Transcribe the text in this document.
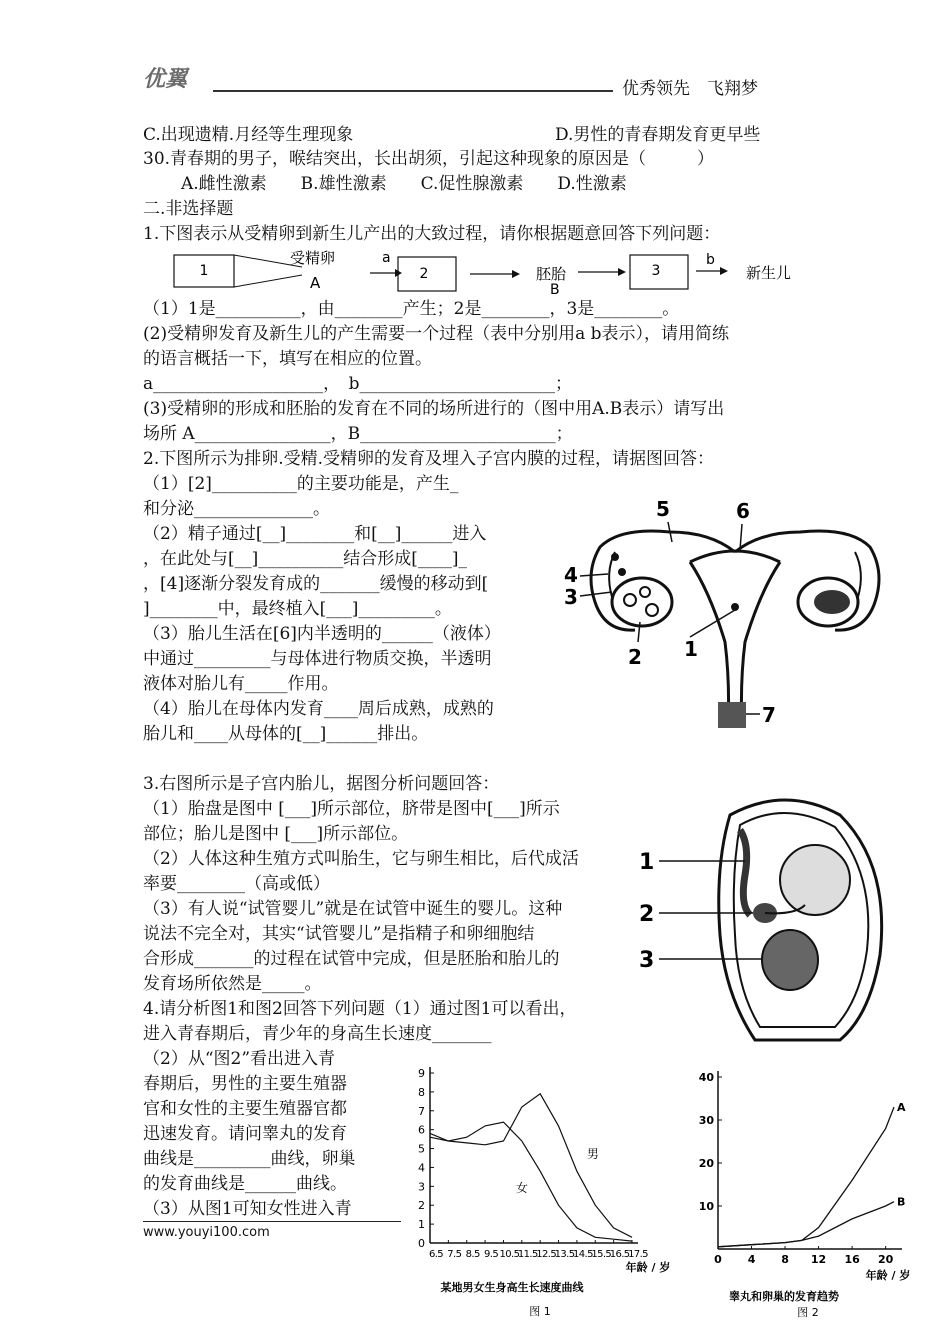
优翼	优秀领先　飞翔梦
C.出现遗精.月经等生理现象	D.男性的青春期发育更早些
30.青春期的男子，喉结突出，长出胡须，引起这种现象的原因是（　　　）
A.雌性激素　　B.雄性激素　　C.促性腺激素　　D.性激素
二.非选择题
1.下图表示从受精卵到新生儿产出的大致过程，请你根据题意回答下列问题：
（1）1是__________，由________产生；2是________，3是________。
(2)受精卵发育及新生儿的产生需要一个过程（表中分别用a b表示），请用简练
的语言概括一下，填写在相应的位置。
a____________________，　b_______________________；
(3)受精卵的形成和胚胎的发育在不同的场所进行的（图中用A.B表示）请写出
场所 A________________，B_______________________；
2.下图所示为排卵.受精.受精卵的发育及埋入子宫内膜的过程，请据图回答：
（1）[2]__________的主要功能是，产生_
和分泌______________。
（2）精子通过[__]________和[__]______进入
，在此处与[__]__________结合形成[____]_
，[4]逐渐分裂发育成的_______缓慢的移动到[
]________中，最终植入[___]_________。
（3）胎儿生活在[6]内半透明的______（液体）
中通过_________与母体进行物质交换，半透明
液体对胎儿有_____作用。
（4）胎儿在母体内发育____周后成熟，成熟的
胎儿和____从母体的[__]______排出。
3.右图所示是子宫内胎儿，据图分析问题回答：
（1）胎盘是图中 [___]所示部位，脐带是图中[___]所示
部位；胎儿是图中 [___]所示部位。
（2）人体这种生殖方式叫胎生，它与卵生相比，后代成活
率要________（高或低）
（3）有人说“试管婴儿”就是在试管中诞生的婴儿。这种
说法不完全对，其实“试管婴儿”是指精子和卵细胞结
合形成_______的过程在试管中完成，但是胚胎和胎儿的
发育场所依然是_____。
4.请分析图1和图2回答下列问题（1）通过图1可以看出，
进入青春期后，青少年的身高生长速度_______
（2）从“图2”看出进入青
春期后，男性的主要生殖器
官和女性的主要生殖器官都
迅速发育。请问睾丸的发育
曲线是_________曲线，卵巢
的发育曲线是______曲线。
（3）从图1可知女性进入青
1
受精卵
A
a
2	胚胎
B
3
b
新生儿
5	6
4
3
2 1
7
1
2
3
某地男女生身高生长速度曲线
图 1
年龄 / 岁
0
1
2
3
4
5
6
7
8
9
6.5 7.5 8.5 9.5 10.5
11.5
12.5
13.5
14.5
15.5
16.5
17.5
男
女
睾丸和卵巢的发育趋势
图 2
年龄 / 岁
10
20
30
40
0 4 8 12 16 20
A
B
www.youyi100.com
